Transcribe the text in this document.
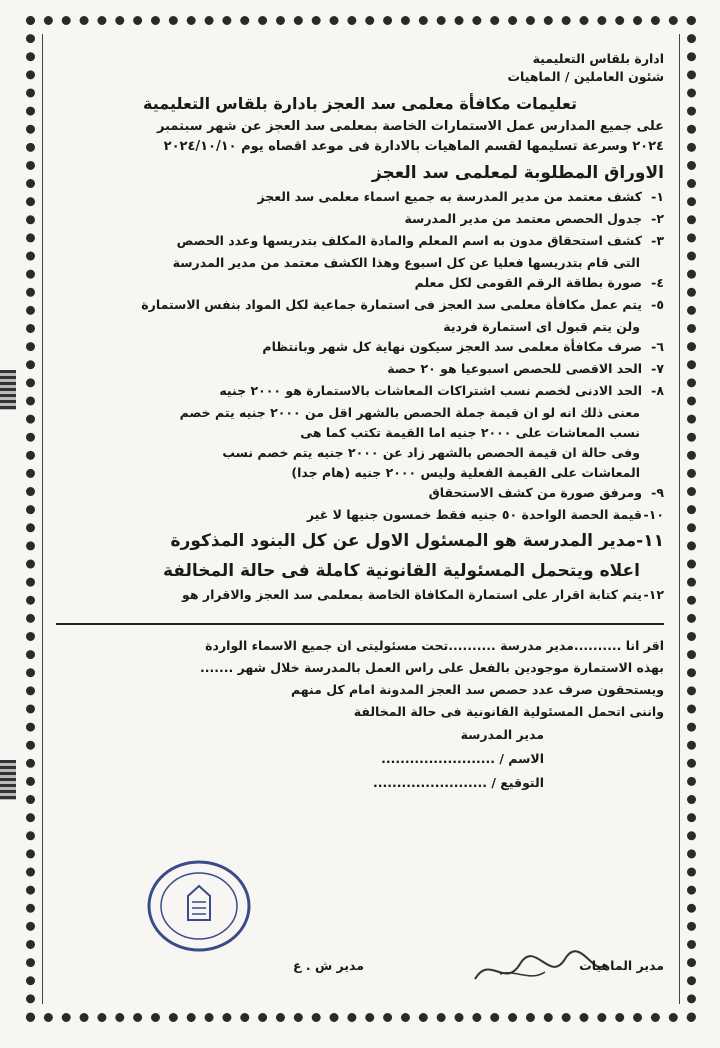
ادارة بلقاس التعليمية
شئون العاملين / الماهيات
تعليمات مكافأة معلمى سد العجز بادارة بلقاس التعليمية
على جميع المدارس عمل الاستمارات الخاصة بمعلمى سد العجز عن شهر سبتمبر
٢٠٢٤ وسرعة تسليمها لقسم الماهيات بالادارة فى موعد اقصاه يوم ٢٠٢٤/١٠/١٠
الاوراق المطلوبة لمعلمى سد العجز
١-كشف معتمد من مدير المدرسة به جميع اسماء معلمى سد العجز
٢-جدول الحصص معتمد من مدير المدرسة
٣-كشف استحقاق مدون به اسم المعلم والمادة المكلف بتدريسها وعدد الحصص
التى قام بتدريسها فعليا عن كل اسبوع وهذا الكشف معتمد من مدير المدرسة
٤-صورة بطاقة الرقم القومى لكل معلم
٥-يتم عمل مكافأة معلمى سد العجز فى استمارة جماعية لكل المواد بنفس الاستمارة
ولن يتم قبول اى استمارة فردية
٦-صرف مكافأة معلمى سد العجز سيكون نهاية كل شهر وبانتظام
٧-الحد الاقصى للحصص اسبوعيا هو ٢٠ حصة
٨-الحد الادنى لخصم نسب اشتراكات المعاشات بالاستمارة هو ٢٠٠٠ جنيه
معنى ذلك انه لو ان قيمة جملة الحصص بالشهر اقل من ٢٠٠٠ جنيه يتم خصم
نسب المعاشات على ٢٠٠٠ جنيه اما القيمة تكتب كما هى
وفى حالة ان قيمة الحصص بالشهر زاد عن ٢٠٠٠ جنيه يتم خصم نسب
المعاشات على القيمة الفعلية وليس ٢٠٠٠ جنيه (هام جدا)
٩-ومرفق صورة من كشف الاستحقاق
١٠-قيمة الحصة الواحدة ٥٠ جنيه فقط خمسون جنيها لا غير
١١-مدير المدرسة هو المسئول الاول عن كل البنود المذكورة
اعلاه ويتحمل المسئولية القانونية كاملة فى حالة المخالفة
١٢-يتم كتابة اقرار على استمارة المكافاة الخاصة بمعلمى سد العجز والاقرار هو
اقر انا ..........مدير مدرسة ..........تحت مسئوليتى ان جميع الاسماء الواردة
بهذه الاستمارة موجودين بالفعل على راس العمل بالمدرسة خلال شهر .......
ويستحقون صرف عدد حصص سد العجز المدونة امام كل منهم
واننى اتحمل المسئولية القانونية فى حالة المخالفة
مدير المدرسة
الاسم / ........................
التوقيع / ........................
مدير الماهيات
مدير ش . ع
